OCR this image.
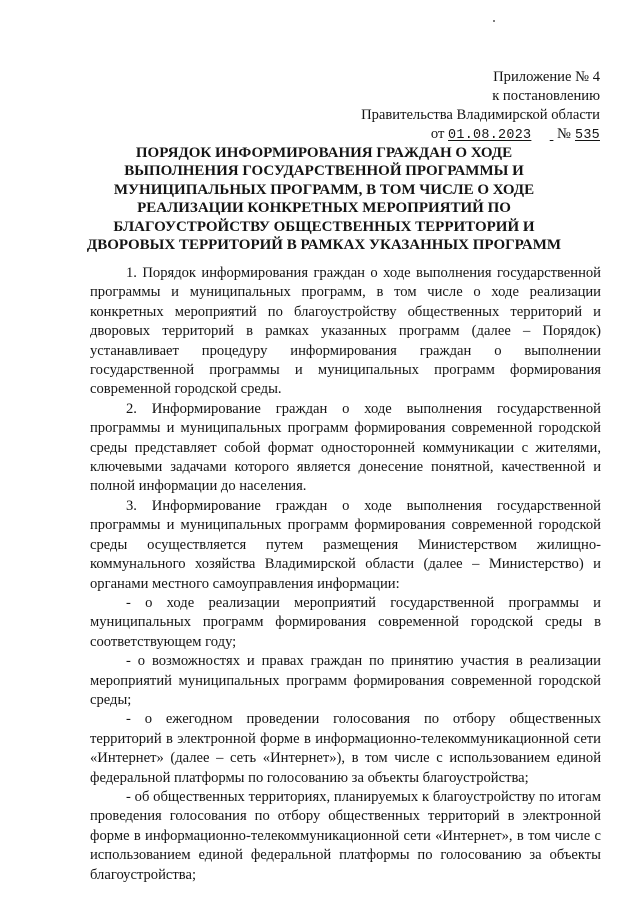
Приложение № 4
к постановлению
Правительства Владимирской области
от 01.08.2023 № 535
ПОРЯДОК ИНФОРМИРОВАНИЯ ГРАЖДАН О ХОДЕ ВЫПОЛНЕНИЯ ГОСУДАРСТВЕННОЙ ПРОГРАММЫ И МУНИЦИПАЛЬНЫХ ПРОГРАММ, В ТОМ ЧИСЛЕ О ХОДЕ РЕАЛИЗАЦИИ КОНКРЕТНЫХ МЕРОПРИЯТИЙ ПО БЛАГОУСТРОЙСТВУ ОБЩЕСТВЕННЫХ ТЕРРИТОРИЙ И ДВОРОВЫХ ТЕРРИТОРИЙ В РАМКАХ УКАЗАННЫХ ПРОГРАММ

1. Порядок информирования граждан о ходе выполнения государственной программы и муниципальных программ, в том числе о ходе реализации конкретных мероприятий по благоустройству общественных территорий и дворовых территорий в рамках указанных программ (далее – Порядок) устанавливает процедуру информирования граждан о выполнении государственной программы и муниципальных программ формирования современной городской среды.

2. Информирование граждан о ходе выполнения государственной программы и муниципальных программ формирования современной городской среды представляет собой формат односторонней коммуникации с жителями, ключевыми задачами которого является донесение понятной, качественной и полной информации до населения.

3. Информирование граждан о ходе выполнения государственной программы и муниципальных программ формирования современной городской среды осуществляется путем размещения Министерством жилищно-коммунального хозяйства Владимирской области (далее – Министерство) и органами местного самоуправления информации:

- о ходе реализации мероприятий государственной программы и муниципальных программ формирования современной городской среды в соответствующем году;

- о возможностях и правах граждан по принятию участия в реализации мероприятий муниципальных программ формирования современной городской среды;

- о ежегодном проведении голосования по отбору общественных территорий в электронной форме в информационно-телекоммуникационной сети «Интернет» (далее – сеть «Интернет»), в том числе с использованием единой федеральной платформы по голосованию за объекты благоустройства;

- об общественных территориях, планируемых к благоустройству по итогам проведения голосования по отбору общественных территорий в электронной форме в информационно-телекоммуникационной сети «Интернет», в том числе с использованием единой федеральной платформы по голосованию за объекты благоустройства;
